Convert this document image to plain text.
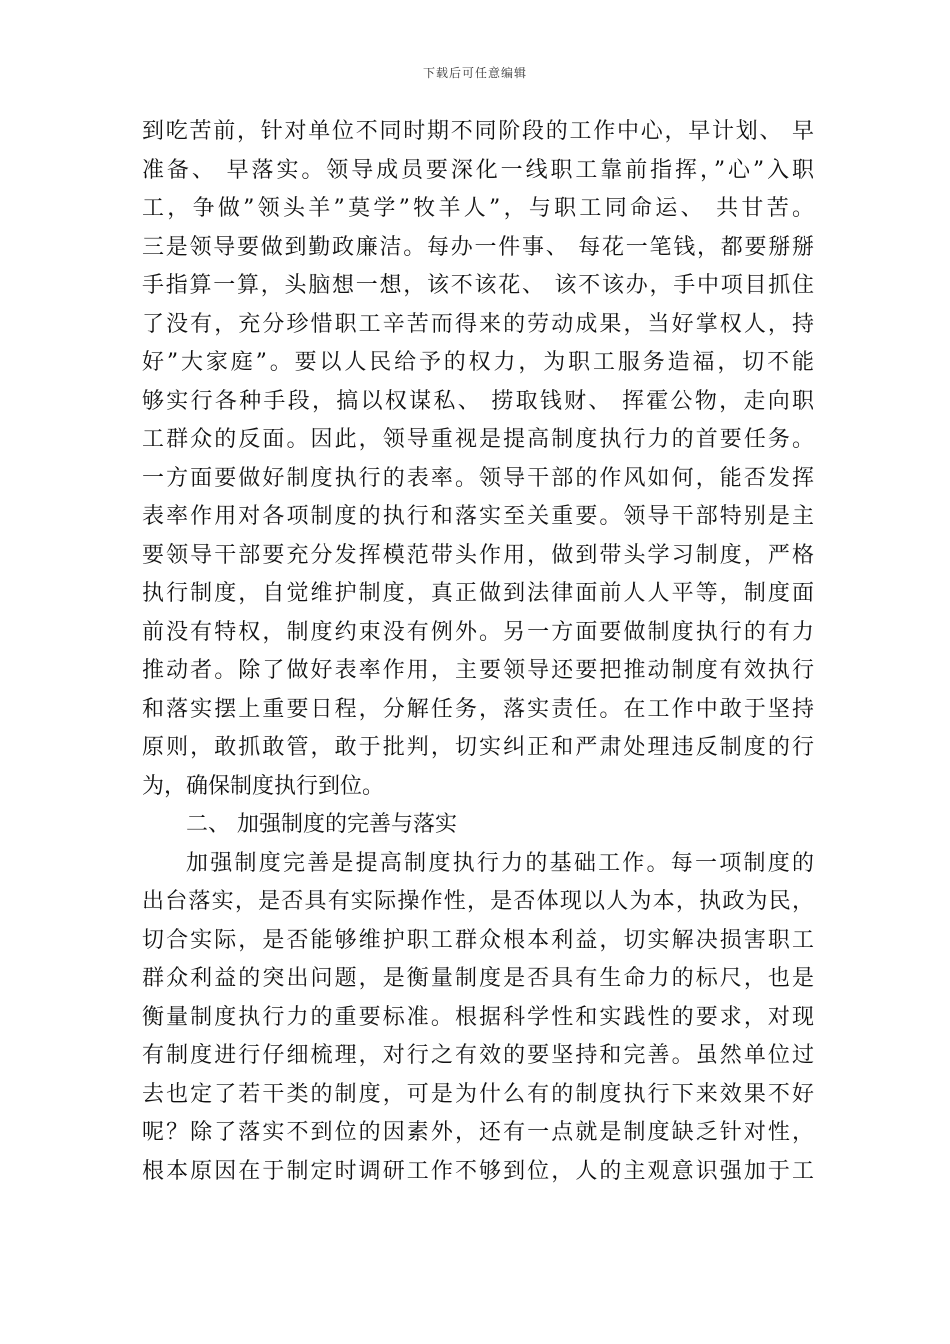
下载后可任意编辑
到吃苦前，针对单位不同时期不同阶段的工作中心，早计划、 早
准备、 早落实。领导成员要深化一线职工靠前指挥，”心”入职
工，争做”领头羊”莫学”牧羊人”，与职工同命运、 共甘苦。
三是领导要做到勤政廉洁。每办一件事、 每花一笔钱，都要掰掰
手指算一算，头脑想一想，该不该花、 该不该办，手中项目抓住
了没有，充分珍惜职工辛苦而得来的劳动成果，当好掌权人，持
好”大家庭”。要以人民给予的权力，为职工服务造福，切不能
够实行各种手段，搞以权谋私、 捞取钱财、 挥霍公物，走向职
工群众的反面。因此，领导重视是提高制度执行力的首要任务。
一方面要做好制度执行的表率。领导干部的作风如何，能否发挥
表率作用对各项制度的执行和落实至关重要。领导干部特别是主
要领导干部要充分发挥模范带头作用，做到带头学习制度，严格
执行制度，自觉维护制度，真正做到法律面前人人平等，制度面
前没有特权，制度约束没有例外。另一方面要做制度执行的有力
推动者。除了做好表率作用，主要领导还要把推动制度有效执行
和落实摆上重要日程，分解任务，落实责任。在工作中敢于坚持
原则，敢抓敢管，敢于批判，切实纠正和严肃处理违反制度的行
为，确保制度执行到位。
二、 加强制度的完善与落实
加强制度完善是提高制度执行力的基础工作。每一项制度的
出台落实，是否具有实际操作性，是否体现以人为本，执政为民，
切合实际，是否能够维护职工群众根本利益，切实解决损害职工
群众利益的突出问题，是衡量制度是否具有生命力的标尺，也是
衡量制度执行力的重要标准。根据科学性和实践性的要求，对现
有制度进行仔细梳理，对行之有效的要坚持和完善。虽然单位过
去也定了若干类的制度，可是为什么有的制度执行下来效果不好
呢？除了落实不到位的因素外，还有一点就是制度缺乏针对性，
根本原因在于制定时调研工作不够到位，人的主观意识强加于工
